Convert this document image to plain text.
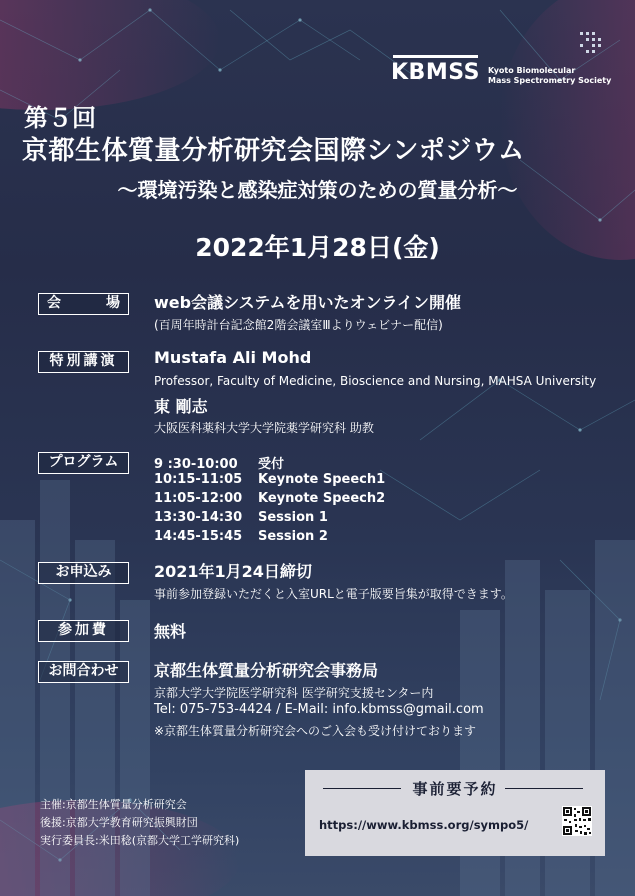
KBMSS Kyoto Biomolecular
Mass Spectrometry Society
第５回
京都生体質量分析研究会国際シンポジウム
〜環境汚染と感染症対策のための質量分析〜
2022年1月28日(金)
会　場	web会議システムを用いたオンライン開催
(百周年時計台記念館2階会議室Ⅲよりウェビナー配信)
特別講演	Mustafa Ali Mohd
Professor, Faculty of Medicine, Bioscience and Nursing, MAHSA University
東 剛志
大阪医科薬科大学大学院薬学研究科 助教
プログラム	9 :30-10:00 受付
10:15-11:05 Keynote Speech1
11:05-12:00 Keynote Speech2
13:30-14:30 Session 1
14:45-15:45 Session 2
お申込み	2021年1月24日締切
事前参加登録いただくと入室URLと電子版要旨集が取得できます。
参加費	無料
お問合わせ	京都生体質量分析研究会事務局
京都大学大学院医学研究科 医学研究支援センター内
Tel: 075-753-4424 / E-Mail: info.kbmss@gmail.com
※京都生体質量分析研究会へのご入会も受け付けております
主催:京都生体質量分析研究会
後援:京都大学教育研究振興財団
実行委員長:米田稔(京都大学工学研究科)
事前要予約
https://www.kbmss.org/sympo5/
